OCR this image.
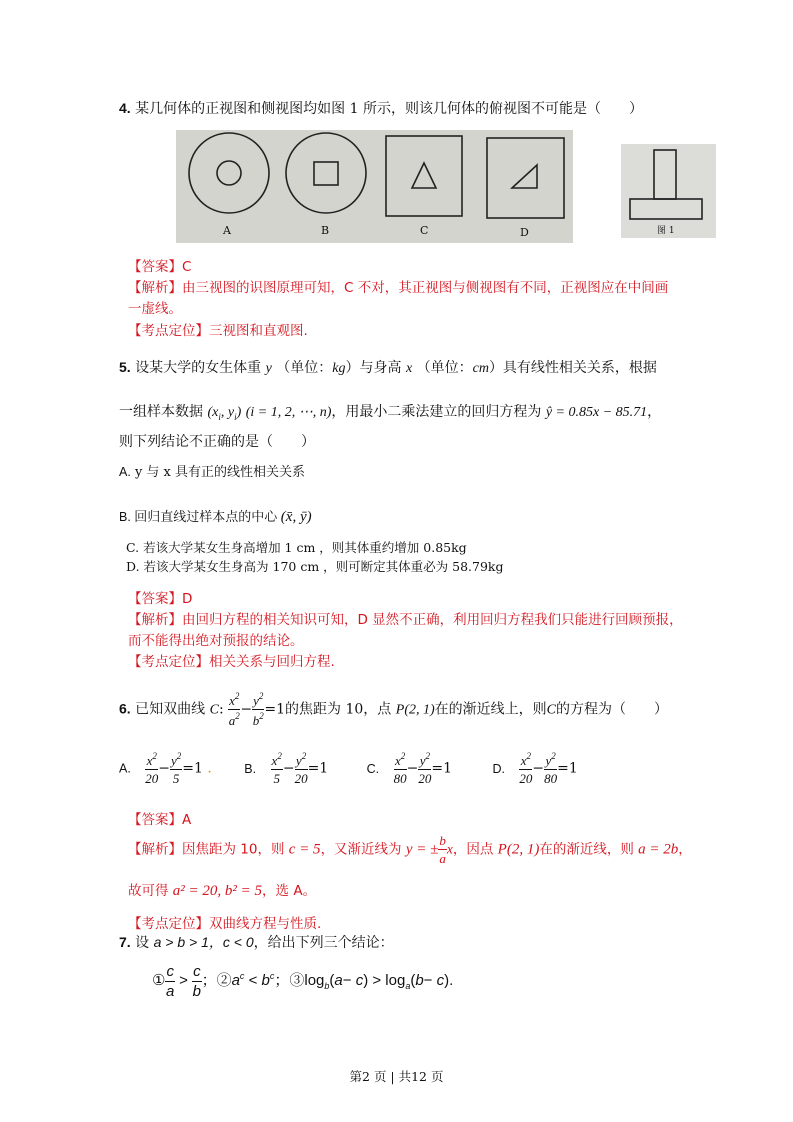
4. 某几何体的正视图和侧视图均如图 1 所示，则该几何体的俯视图不可能是（　　）
A	B	C	D	图 1
【答案】C
【解析】由三视图的识图原理可知，C 不对，其正视图与侧视图有不同，正视图应在中间画
一虚线。
【考点定位】三视图和直观图.
5. 设某大学的女生体重 y （单位：kg）与身高 x （单位：cm）具有线性相关关系，根据
一组样本数据 ($x_i$, $y_i$) (i = 1, 2, ⋯, n)，用最小二乘法建立的回归方程为 ŷ = 0.85x − 85.71，
则下列结论不正确的是（　　）
A. y 与 x 具有正的线性相关关系
B. 回归直线过样本点的中心 (x̄, ȳ)
C. 若该大学某女生身高增加 1 cm ，则其体重约增加 0.85kg
D. 若该大学某女生身高为 170 cm ，则可断定其体重必为 58.79kg
【答案】D
【解析】由回归方程的相关知识可知，D 显然不正确，利用回归方程我们只能进行回顾预报，
而不能得出绝对预报的结论。
【考点定位】相关关系与回归方程.
6. 已知双曲线 C: $\frac{x^2}{a^2} - \frac{y^2}{b^2} =1$的焦距为 10，点 P(2, 1)在的渐近线上，则C的方程为（　　）
A. $\frac{x^2}{20} - \frac{y^2}{5} =1$ .	B. $\frac{x^2}{5} - \frac{y^2}{20} =1$	C. $\frac{x^2}{80} - \frac{y^2}{20} =1$	D. $\frac{x^2}{20} - \frac{y^2}{80} =1$
【答案】A
【解析】因焦距为 10，则 c = 5，又渐近线为 y = ± $\frac{b}{a}$ x，因点 P(2, 1)在的渐近线，则 a = 2b，
故可得 a² = 20, b² = 5，选 A。
【考点定位】双曲线方程与性质.
7. 设 a > b > 1，c < 0，给出下列三个结论：
① $\frac{c}{a} > \frac{c}{b}$ ；$②a^c < b^c$；$③\log_b(a- c) > \log_a(b- c)$.
第2 页 | 共12 页
